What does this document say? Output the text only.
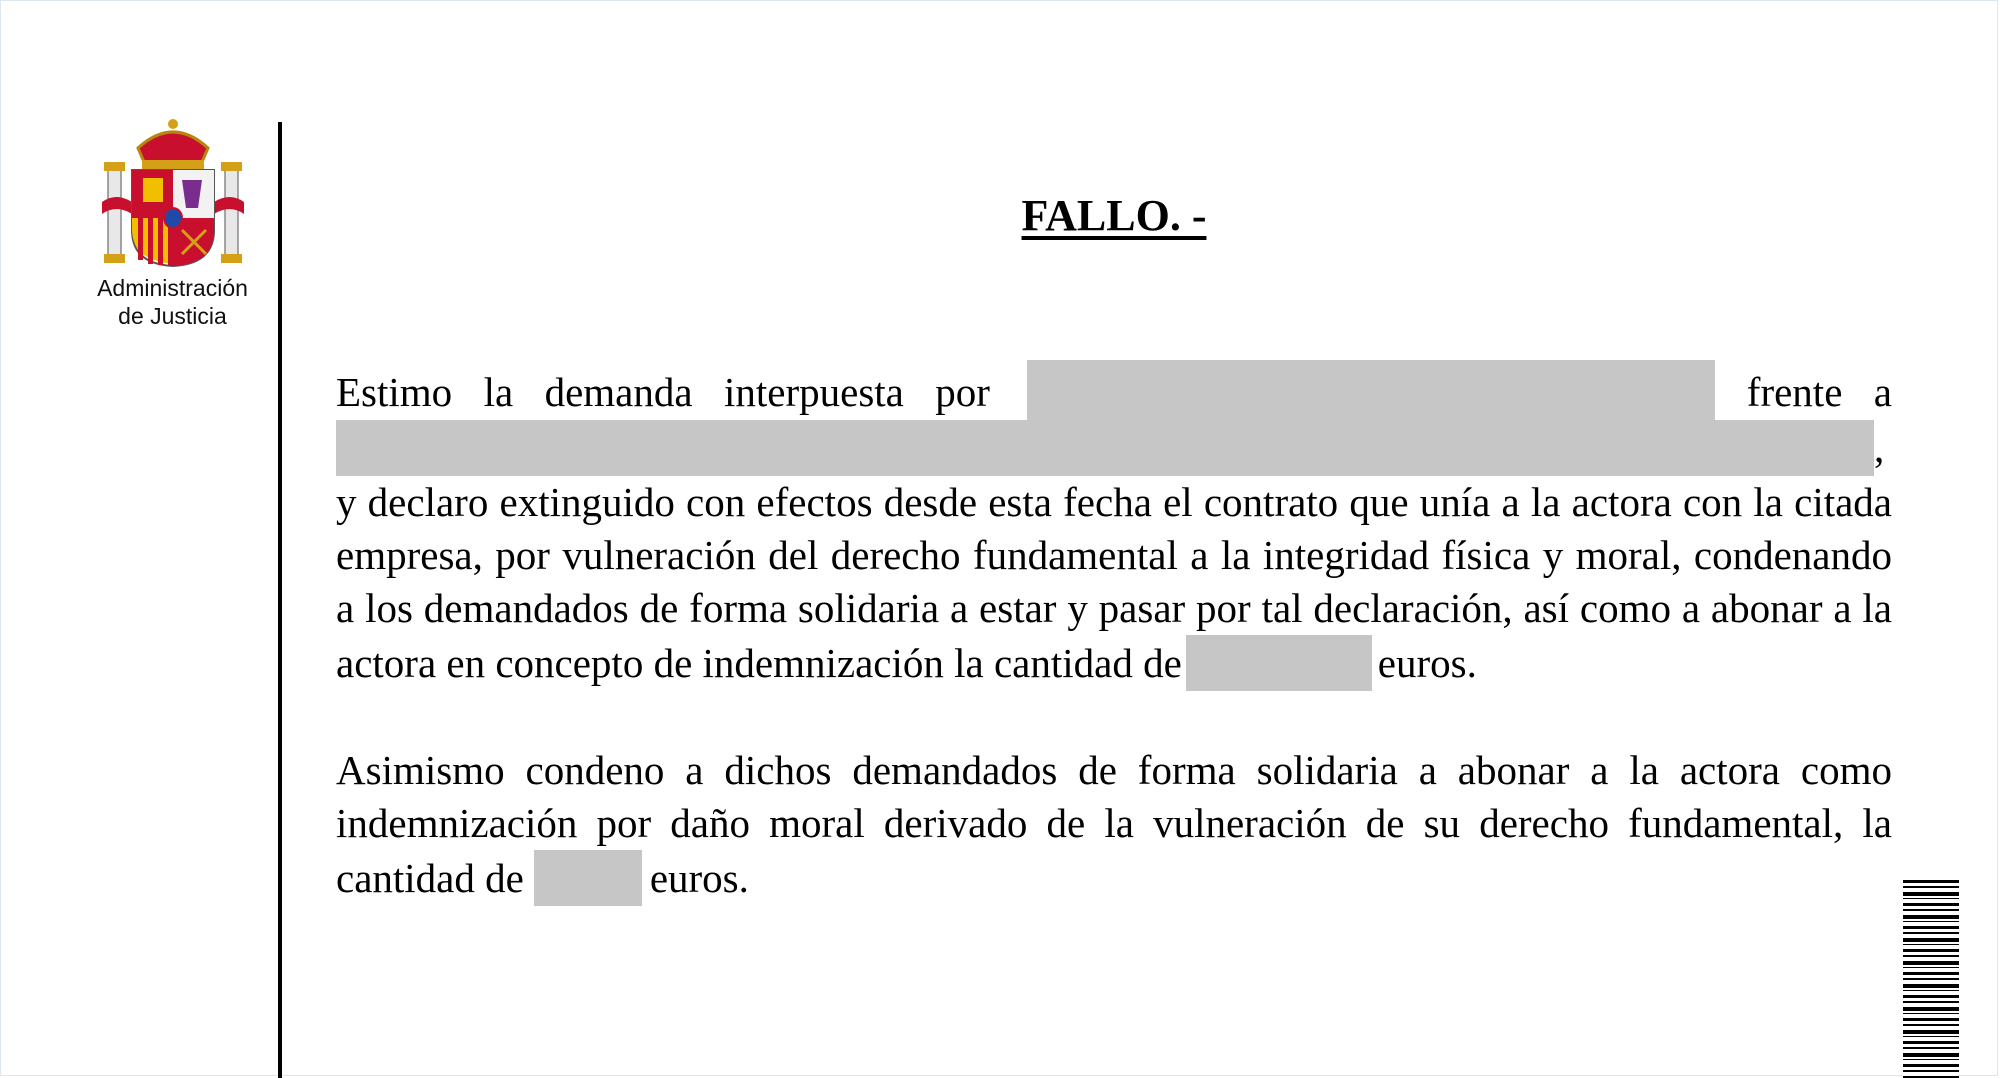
Administración
de Justicia

FALLO. -

Estimo la demanda interpuesta por	frente a , y declaro extinguido con efectos desde esta fecha el contrato que unía a la actora con la citada empresa, por vulneración del derecho fundamental a la integridad física y moral, condenando a los demandados de forma solidaria a estar y pasar por tal declaración, así como a abonar a la actora en concepto de indemnización la cantidad de	euros.

Asimismo condeno a dichos demandados de forma solidaria a abonar a la actora como indemnización por daño moral derivado de la vulneración de su derecho fundamental, la cantidad de	euros.
